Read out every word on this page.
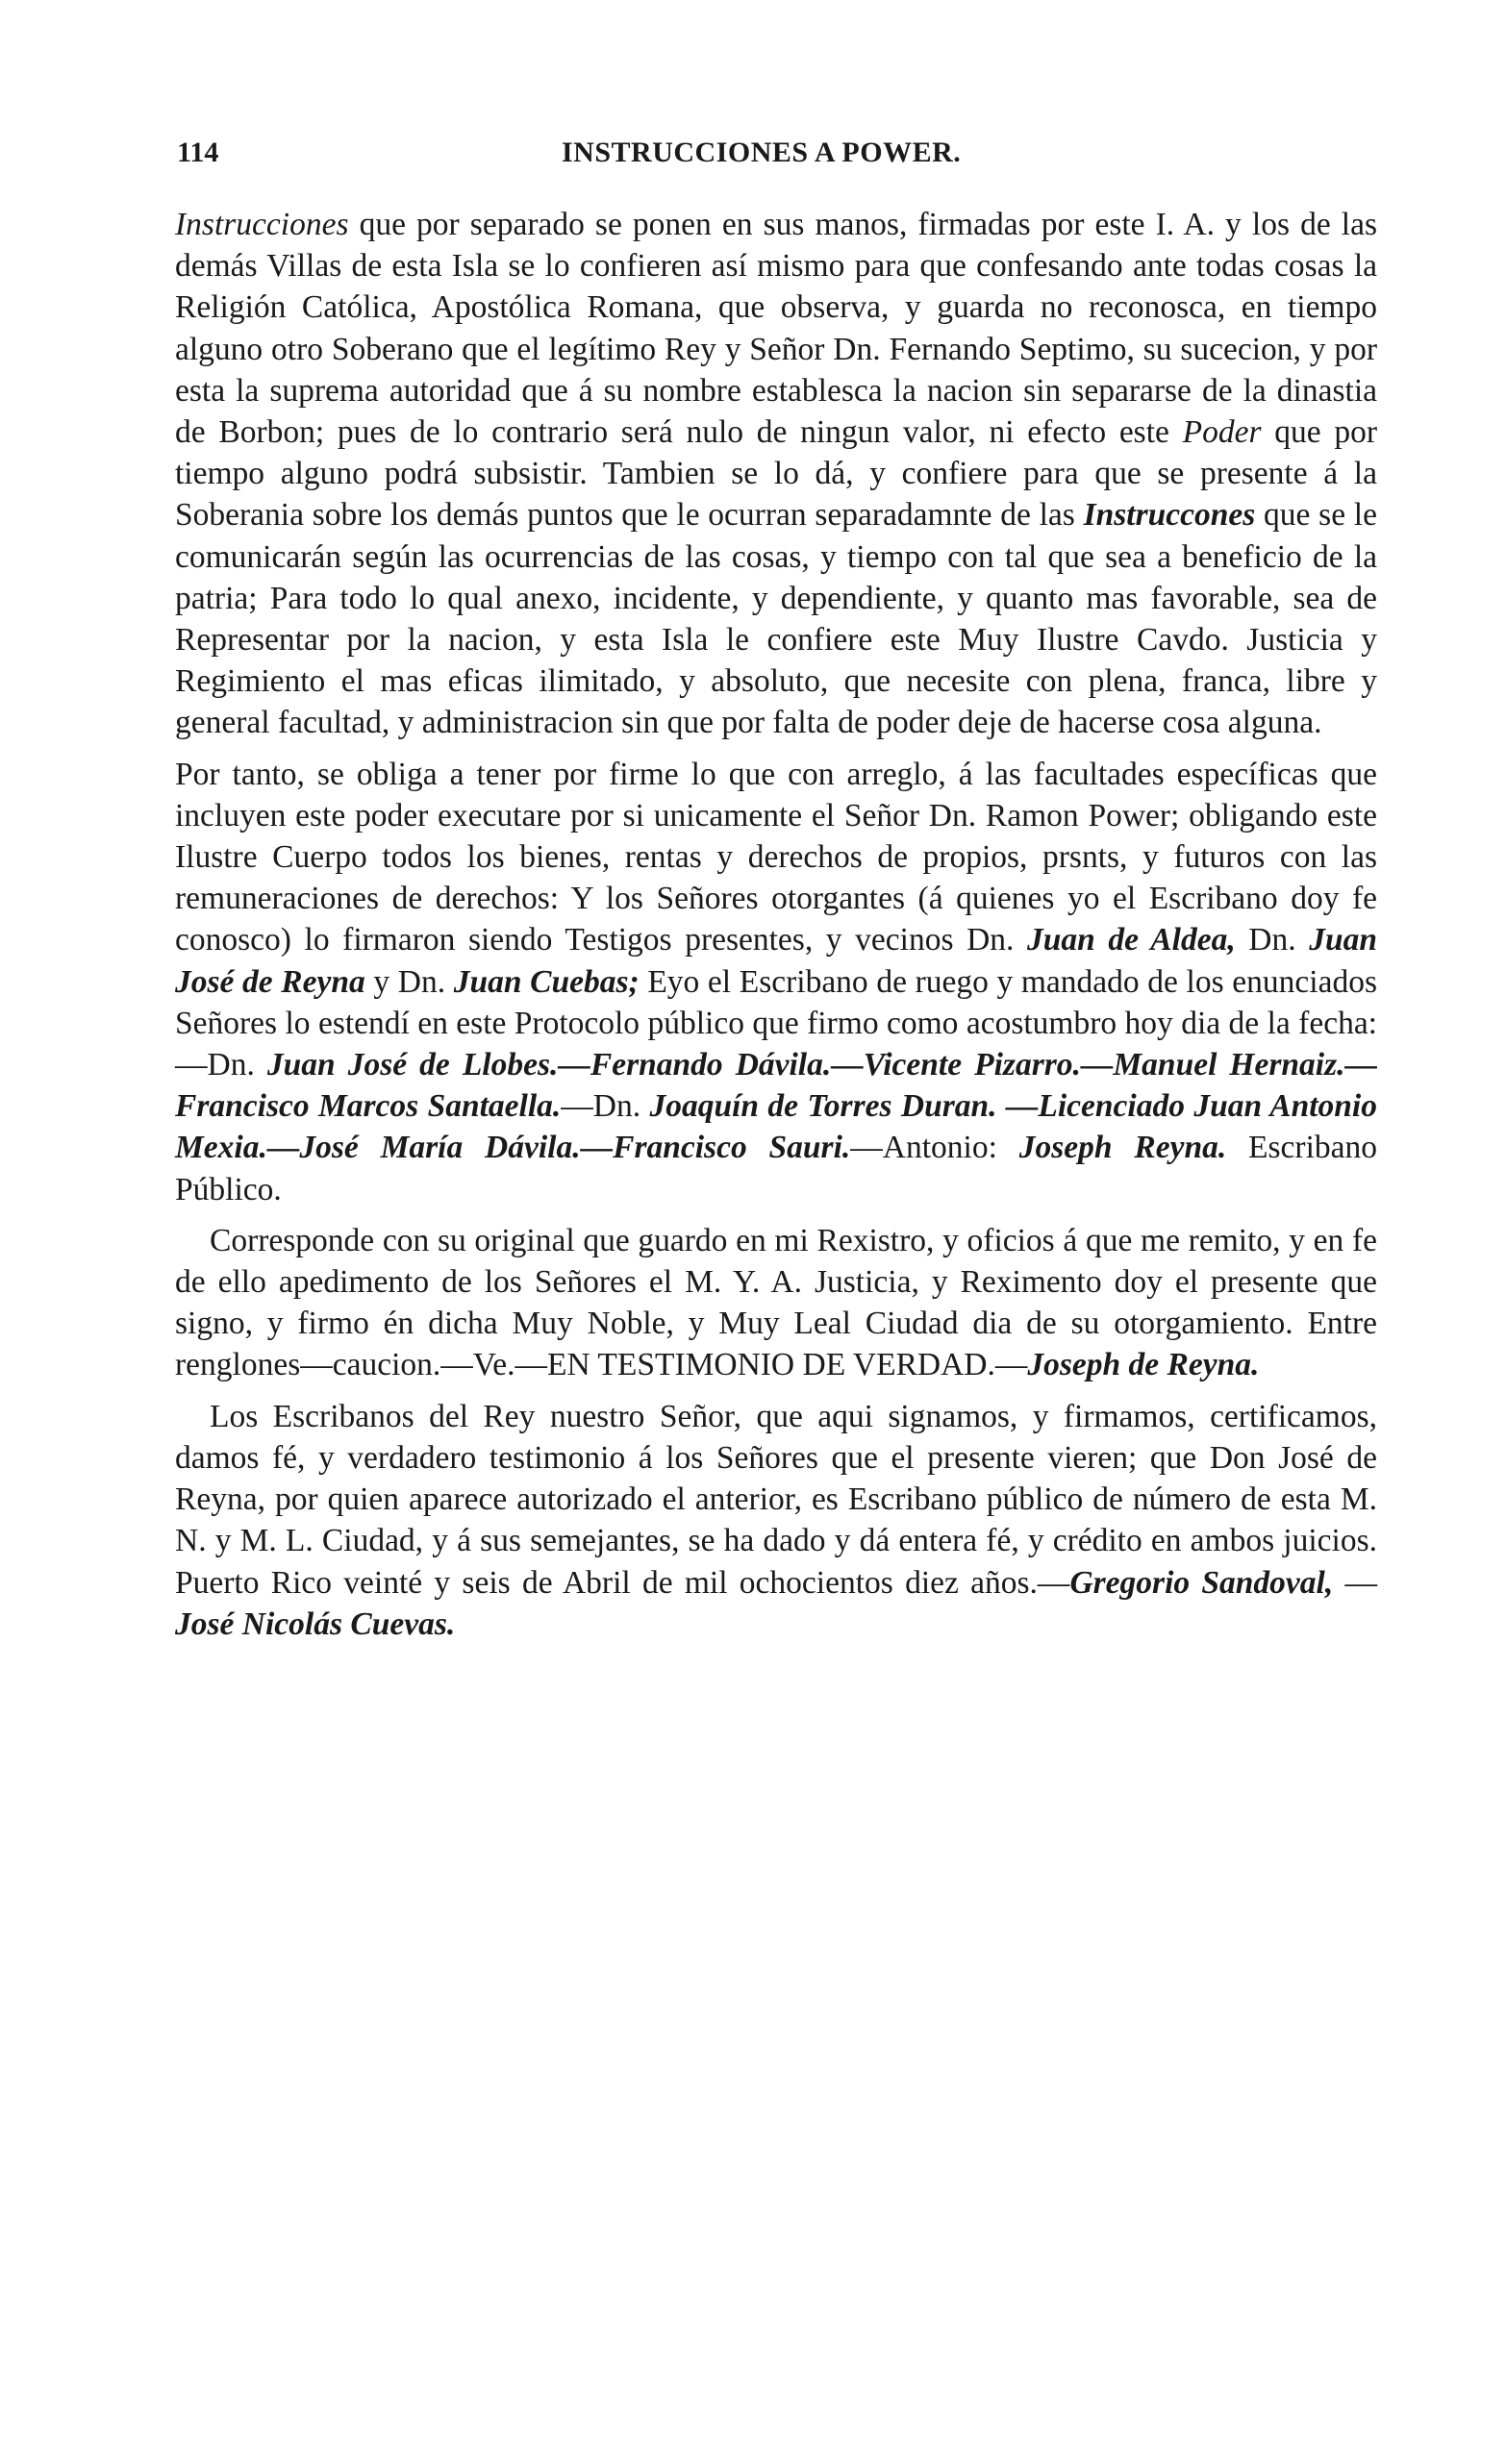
114	INSTRUCCIONES A POWER.

Instrucciones que por separado se ponen en sus manos, firmadas por este I. A. y los de las demás Villas de esta Isla se lo confieren así mismo para que confesando ante todas cosas la Religión Católica, Apostólica Romana, que observa, y guarda no reconosca, en tiempo alguno otro Soberano que el legítimo Rey y Señor Dn. Fernando Septimo, su sucecion, y por esta la suprema autoridad que á su nombre establesca la nacion sin separarse de la dinastia de Borbon; pues de lo contrario será nulo de ningun valor, ni efecto este Poder que por tiempo alguno podrá subsistir. Tambien se lo dá, y confiere para que se presente á la Soberania sobre los demás puntos que le ocurran separadamnte de las Instruccones que se le comunicarán según las ocurrencias de las cosas, y tiempo con tal que sea a beneficio de la patria; Para todo lo qual anexo, incidente, y dependiente, y quanto mas favorable, sea de Representar por la nacion, y esta Isla le confiere este Muy Ilustre Cavdo. Justicia y Regimiento el mas eficas ilimitado, y absoluto, que necesite con plena, franca, libre y general facultad, y administracion sin que por falta de poder deje de hacerse cosa alguna.

Por tanto, se obliga a tener por firme lo que con arreglo, á las facultades específicas que incluyen este poder executare por si unicamente el Señor Dn. Ramon Power; obligando este Ilustre Cuerpo todos los bienes, rentas y derechos de propios, prsnts, y futuros con las remuneraciones de derechos: Y los Señores otorgantes (á quienes yo el Escribano doy fe conosco) lo firmaron siendo Testigos presentes, y vecinos Dn. Juan de Aldea, Dn. Juan José de Reyna y Dn. Juan Cuebas; Eyo el Escribano de ruego y mandado de los enunciados Señores lo estendí en este Protocolo público que firmo como acostumbro hoy dia de la fecha:—Dn. Juan José de Llobes.—Fernando Dávila.—Vicente Pizarro.—Manuel Hernaiz.—Francisco Marcos Santaella.—Dn. Joaquín de Torres Duran. —Licenciado Juan Antonio Mexia.—José María Dávila.—Francisco Sauri.—Antonio: Joseph Reyna. Escribano Público.

Corresponde con su original que guardo en mi Rexistro, y oficios á que me remito, y en fe de ello apedimento de los Señores el M. Y. A. Justicia, y Reximento doy el presente que signo, y firmo én dicha Muy Noble, y Muy Leal Ciudad dia de su otorgamiento. Entre renglones—caucion.—Ve.—EN TESTIMONIO DE VERDAD.—Joseph de Reyna.

Los Escribanos del Rey nuestro Señor, que aqui signamos, y firmamos, certificamos, damos fé, y verdadero testimonio á los Señores que el presente vieren; que Don José de Reyna, por quien aparece autorizado el anterior, es Escribano público de número de esta M. N. y M. L. Ciudad, y á sus semejantes, se ha dado y dá entera fé, y crédito en ambos juicios. Puerto Rico veinté y seis de Abril de mil ochocientos diez años.—Gregorio Sandoval, —José Nicolás Cuevas.
